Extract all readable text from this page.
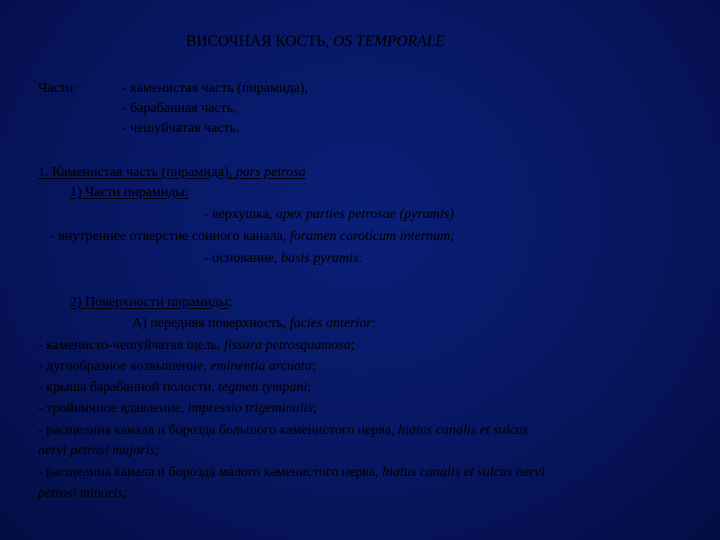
ВИСОЧНАЯ КОСТЬ, OS TEMPORALE
Части:	- каменистая часть (пирамида),
- барабанная часть,
- чешуйчатая часть.
1. Каменистая часть (пирамида), pars petrosa
1) Части пирамиды:
- верхушка, apex parties petrosae (pyramis)
- внутреннее отверстие сонного канала, foramen caroticum internum;
- основание, basis pyramis.
2) Поверхности пирамиды:
А) передняя поверхность, facies anterior:
- каменисто-чешуйчатая щель, fissura petrosquamosa;
- дугообразное возвышение, eminentia arcuata;
- крыша барабанной полости, tegmen tympani;
- тройничное вдавление, impressio trigeminalis;
- расщелина канала и борозда большого каменистого нерва, hiatus canalis et sulcus
nervi petrosi majoris;
- расщелина канала и борозда малого каменистого нерва, hiatus canalis et sulcus nervi
petrosi minoris;
